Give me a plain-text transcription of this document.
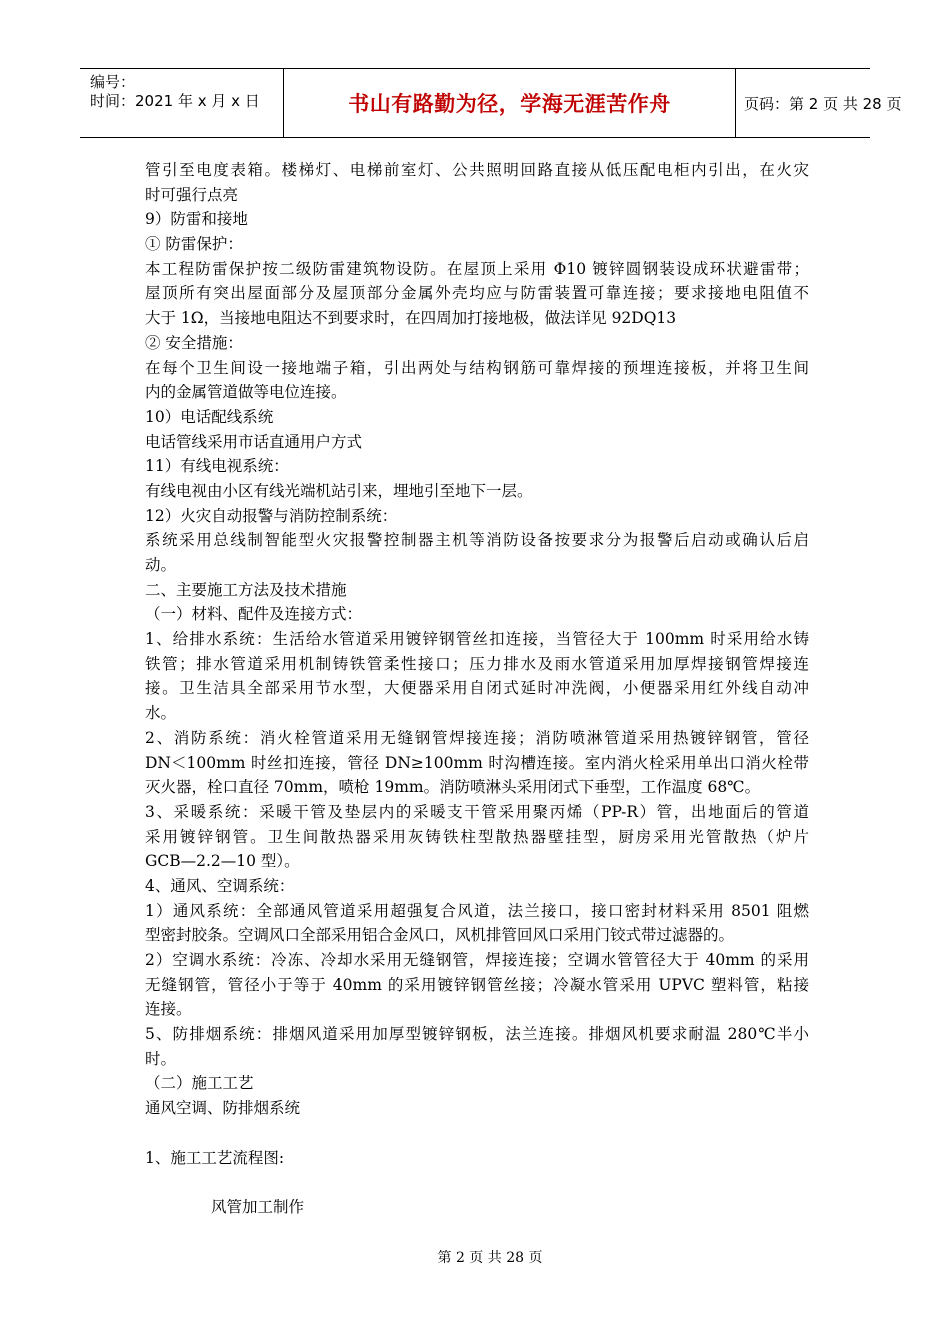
编号：
时间：2021 年 x 月 x 日	书山有路勤为径，学海无涯苦作舟	页码：第 2 页 共 28 页
管引至电度表箱。楼梯灯、电梯前室灯、公共照明回路直接从低压配电柜内引出，在火灾
时可强行点亮
9）防雷和接地
① 防雷保护：
本工程防雷保护按二级防雷建筑物设防。在屋顶上采用 Φ10 镀锌圆钢装设成环状避雷带；
屋顶所有突出屋面部分及屋顶部分金属外壳均应与防雷装置可靠连接；要求接地电阻值不
大于 1Ω，当接地电阻达不到要求时，在四周加打接地极，做法详见 92DQ13
② 安全措施：
在每个卫生间设一接地端子箱，引出两处与结构钢筋可靠焊接的预埋连接板，并将卫生间
内的金属管道做等电位连接。
10）电话配线系统
电话管线采用市话直通用户方式
11）有线电视系统：
有线电视由小区有线光端机站引来，埋地引至地下一层。
12）火灾自动报警与消防控制系统：
系统采用总线制智能型火灾报警控制器主机等消防设备按要求分为报警后启动或确认后启
动。
二、主要施工方法及技术措施
（一）材料、配件及连接方式：
1、给排水系统：生活给水管道采用镀锌钢管丝扣连接，当管径大于 100mm 时采用给水铸
铁管；排水管道采用机制铸铁管柔性接口；压力排水及雨水管道采用加厚焊接钢管焊接连
接。卫生洁具全部采用节水型，大便器采用自闭式延时冲洗阀，小便器采用红外线自动冲
水。
2、消防系统：消火栓管道采用无缝钢管焊接连接；消防喷淋管道采用热镀锌钢管，管径
DN＜100mm 时丝扣连接，管径 DN≥100mm 时沟槽连接。室内消火栓采用单出口消火栓带
灭火器，栓口直径 70mm，喷枪 19mm。消防喷淋头采用闭式下垂型，工作温度 68℃。
3、采暖系统：采暖干管及垫层内的采暖支干管采用聚丙烯（PP-R）管，出地面后的管道
采用镀锌钢管。卫生间散热器采用灰铸铁柱型散热器壁挂型，厨房采用光管散热（炉片
GCB—2.2—10 型）。
4、通风、空调系统：
1）通风系统：全部通风管道采用超强复合风道，法兰接口，接口密封材料采用 8501 阻燃
型密封胶条。空调风口全部采用铝合金风口，风机排管回风口采用门铰式带过滤器的。
2）空调水系统：冷冻、冷却水采用无缝钢管，焊接连接；空调水管管径大于 40mm 的采用
无缝钢管，管径小于等于 40mm 的采用镀锌钢管丝接；冷凝水管采用 UPVC 塑料管，粘接
连接。
5、防排烟系统：排烟风道采用加厚型镀锌钢板，法兰连接。排烟风机要求耐温 280℃半小
时。
（二）施工工艺
通风空调、防排烟系统
1、施工工艺流程图:
风管加工制作
第 2 页 共 28 页
